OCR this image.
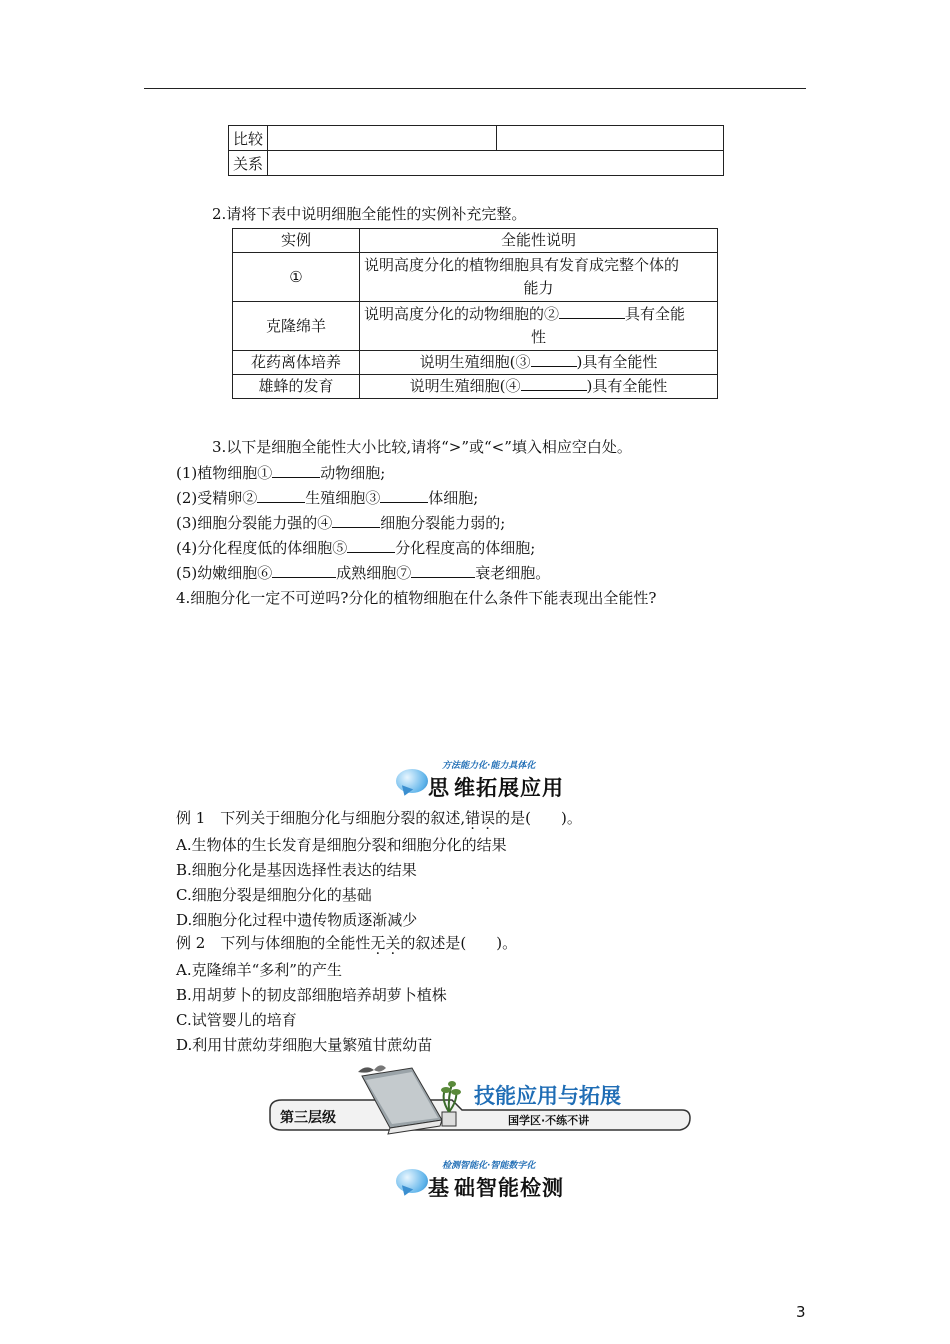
比较		
关系		
2.请将下表中说明细胞全能性的实例补充完整。
实例	全能性说明
①	说明高度分化的植物细胞具有发育成完整个体的
能力

克隆绵羊	说明高度分化的动物细胞的② 具有全能
性

花药离体培养	说明生殖细胞(③ )具有全能性
雄蜂的发育	说明生殖细胞(④ )具有全能性
3.以下是细胞全能性大小比较,请将“>”或“<”填入相应空白处。
(1)植物细胞①	动物细胞;
(2)受精卵②	生殖细胞③	体细胞;
(3)细胞分裂能力强的④	细胞分裂能力弱的;
(4)分化程度低的体细胞⑤	分化程度高的体细胞;
(5)幼嫩细胞⑥	成熟细胞⑦	衰老细胞。
4.细胞分化一定不可逆吗?分化的植物细胞在什么条件下能表现出全能性?
方法能力化·能力具体化
思 维拓展应用
例 1　下列关于细胞分化与细胞分裂的叙述,错误的是(　　)。
A.生物体的生长发育是细胞分裂和细胞分化的结果
B.细胞分化是基因选择性表达的结果
C.细胞分裂是细胞分化的基础
D.细胞分化过程中遗传物质逐渐减少
例 2　下列与体细胞的全能性无关的叙述是(　　)。
A.克隆绵羊“多利”的产生
B.用胡萝卜的韧皮部细胞培养胡萝卜植株
C.试管婴儿的培育
D.利用甘蔗幼芽细胞大量繁殖甘蔗幼苗
第三层级
技能应用与拓展
国学区·不练不讲
检测智能化·智能数字化
基 础智能检测
3
